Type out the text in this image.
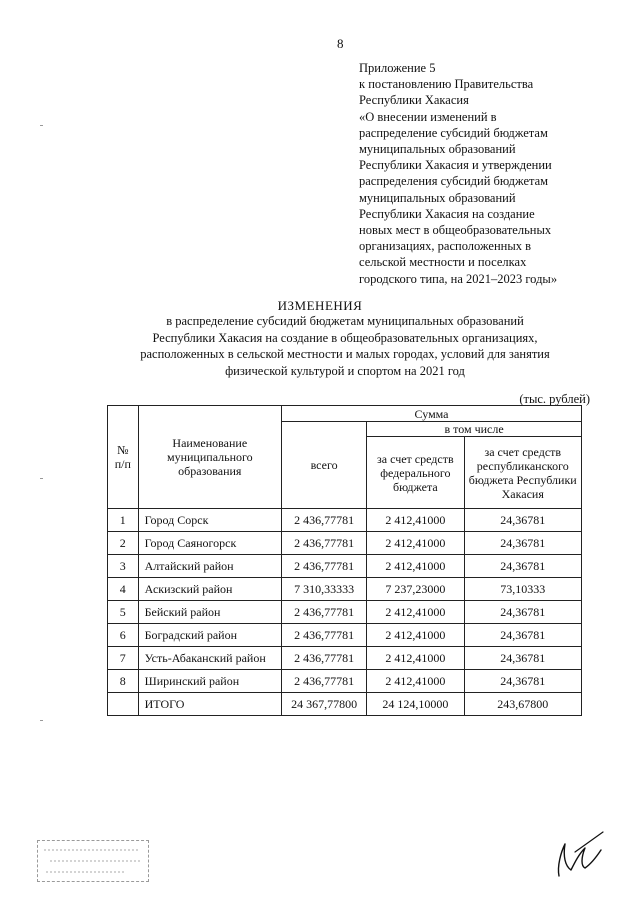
8
Приложение 5
к постановлению Правительства
Республики Хакасия
«О внесении изменений в
распределение субсидий бюджетам
муниципальных образований
Республики Хакасия и утверждении
распределения субсидий бюджетам
муниципальных образований
Республики Хакасия на создание
новых мест в общеобразовательных
организациях, расположенных в
сельской местности и поселках
городского типа, на 2021–2023 годы»
ИЗМЕНЕНИЯ
в распределение субсидий бюджетам муниципальных образований
Республики Хакасия на создание в общеобразовательных организациях,
расположенных в сельской местности и малых городах, условий для занятия
физической культурой и спортом на 2021 год
(тыс. рублей)
№ п/п	Наименование муниципального образования	Сумма		
		всего	в том числе	
			за счет средств федерального бюджета	за счет средств республиканского бюджета Республики Хакасия
1	Город Сорск	2 436,77781	2 412,41000	24,36781
2	Город Саяногорск	2 436,77781	2 412,41000	24,36781
3	Алтайский район	2 436,77781	2 412,41000	24,36781
4	Аскизский район	7 310,33333	7 237,23000	73,10333
5	Бейский район	2 436,77781	2 412,41000	24,36781
6	Боградский район	2 436,77781	2 412,41000	24,36781
7	Усть-Абаканский район	2 436,77781	2 412,41000	24,36781
8	Ширинский район	2 436,77781	2 412,41000	24,36781
	ИТОГО	24 367,77800	24 124,10000	243,67800
